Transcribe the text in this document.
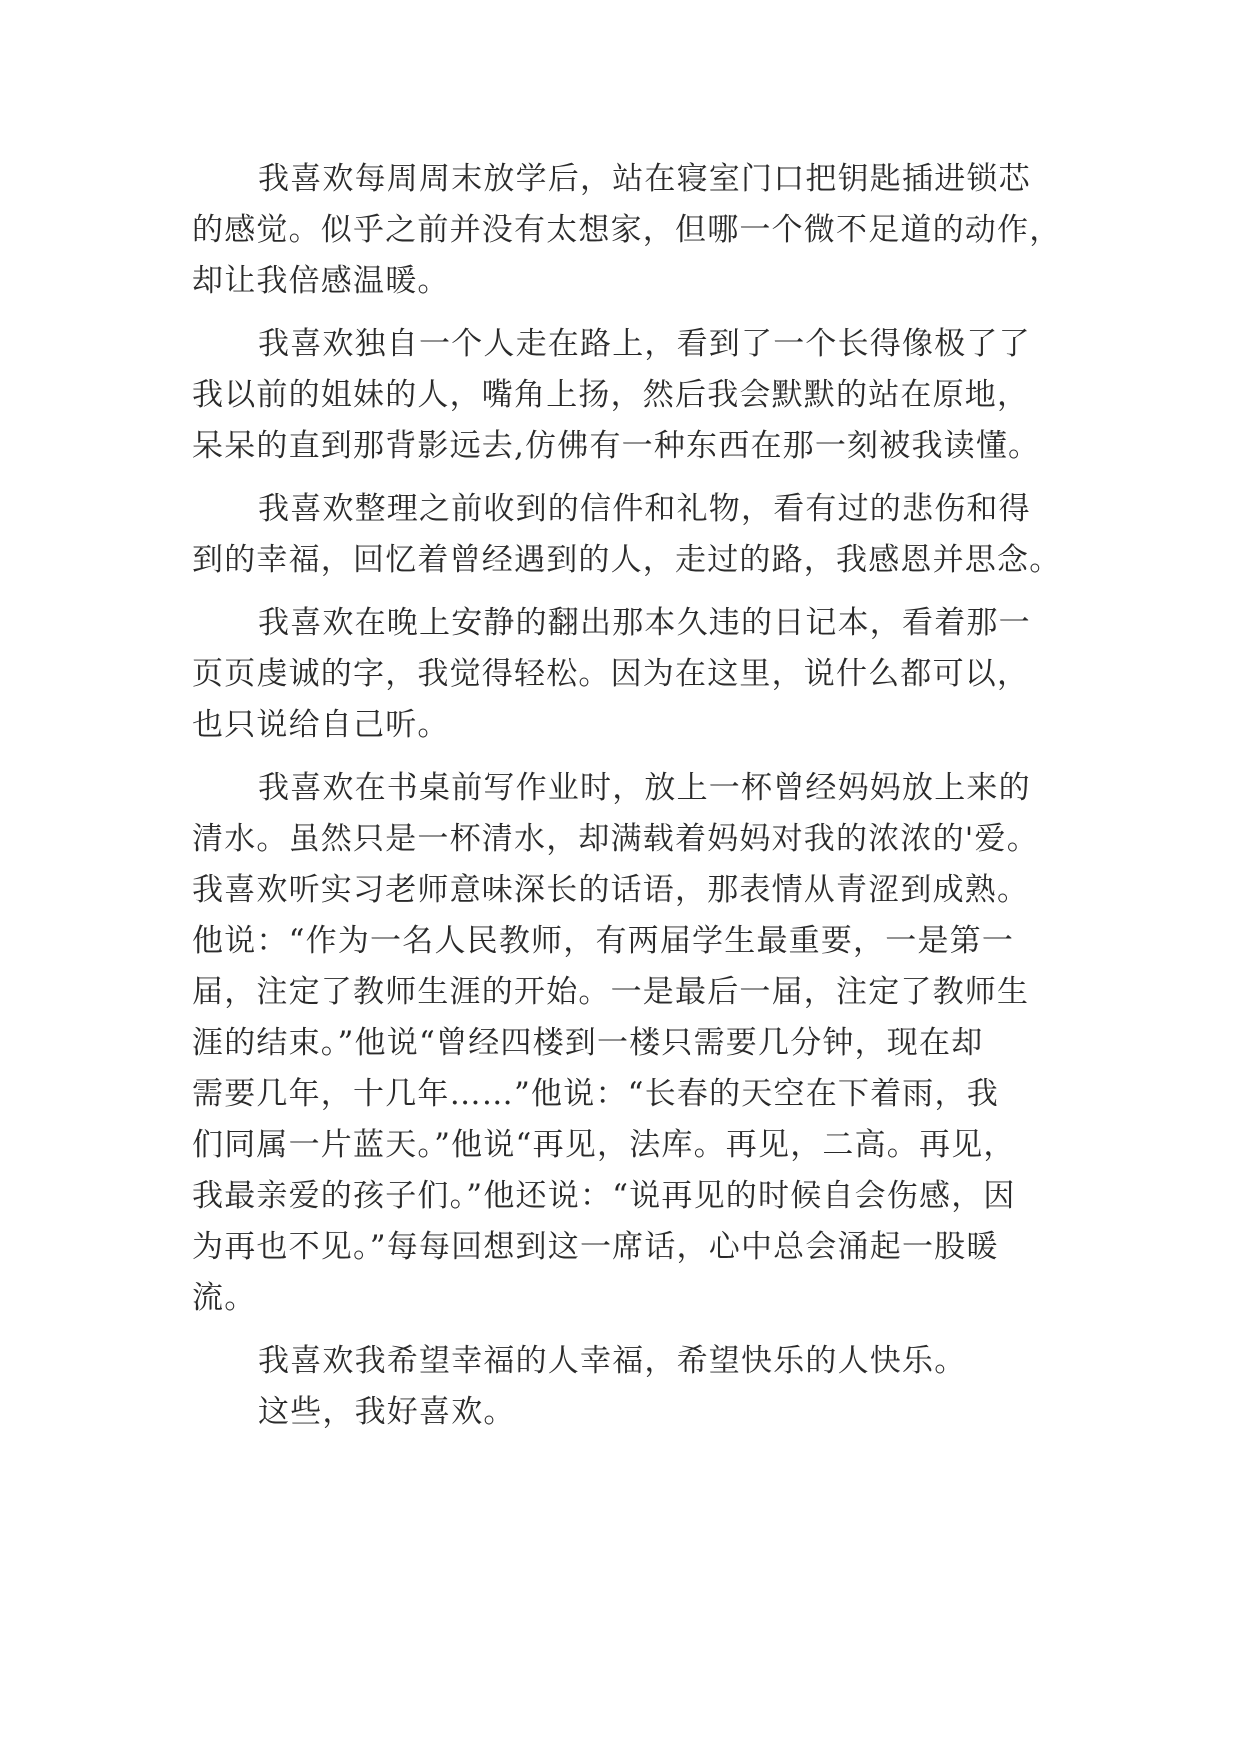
我喜欢每周周末放学后，站在寝室门口把钥匙插进锁芯
的感觉。似乎之前并没有太想家，但哪一个微不足道的动作，
却让我倍感温暖。
我喜欢独自一个人走在路上，看到了一个长得像极了了
我以前的姐妹的人，嘴角上扬，然后我会默默的站在原地，
呆呆的直到那背影远去,仿佛有一种东西在那一刻被我读懂。
我喜欢整理之前收到的信件和礼物，看有过的悲伤和得
到的幸福，回忆着曾经遇到的人，走过的路，我感恩并思念。
我喜欢在晚上安静的翻出那本久违的日记本，看着那一
页页虔诚的字，我觉得轻松。因为在这里，说什么都可以，
也只说给自己听。
我喜欢在书桌前写作业时，放上一杯曾经妈妈放上来的
清水。虽然只是一杯清水，却满载着妈妈对我的浓浓的'爱。
我喜欢听实习老师意味深长的话语，那表情从青涩到成熟。
他说：“作为一名人民教师，有两届学生最重要，一是第一
届，注定了教师生涯的开始。一是最后一届，注定了教师生
涯的结束。”他说“曾经四楼到一楼只需要几分钟，现在却
需要几年，十几年……”他说：“长春的天空在下着雨，我
们同属一片蓝天。”他说“再见，法库。再见，二高。再见，
我最亲爱的孩子们。”他还说：“说再见的时候自会伤感，因
为再也不见。”每每回想到这一席话，心中总会涌起一股暖
流。
我喜欢我希望幸福的人幸福，希望快乐的人快乐。
这些，我好喜欢。
